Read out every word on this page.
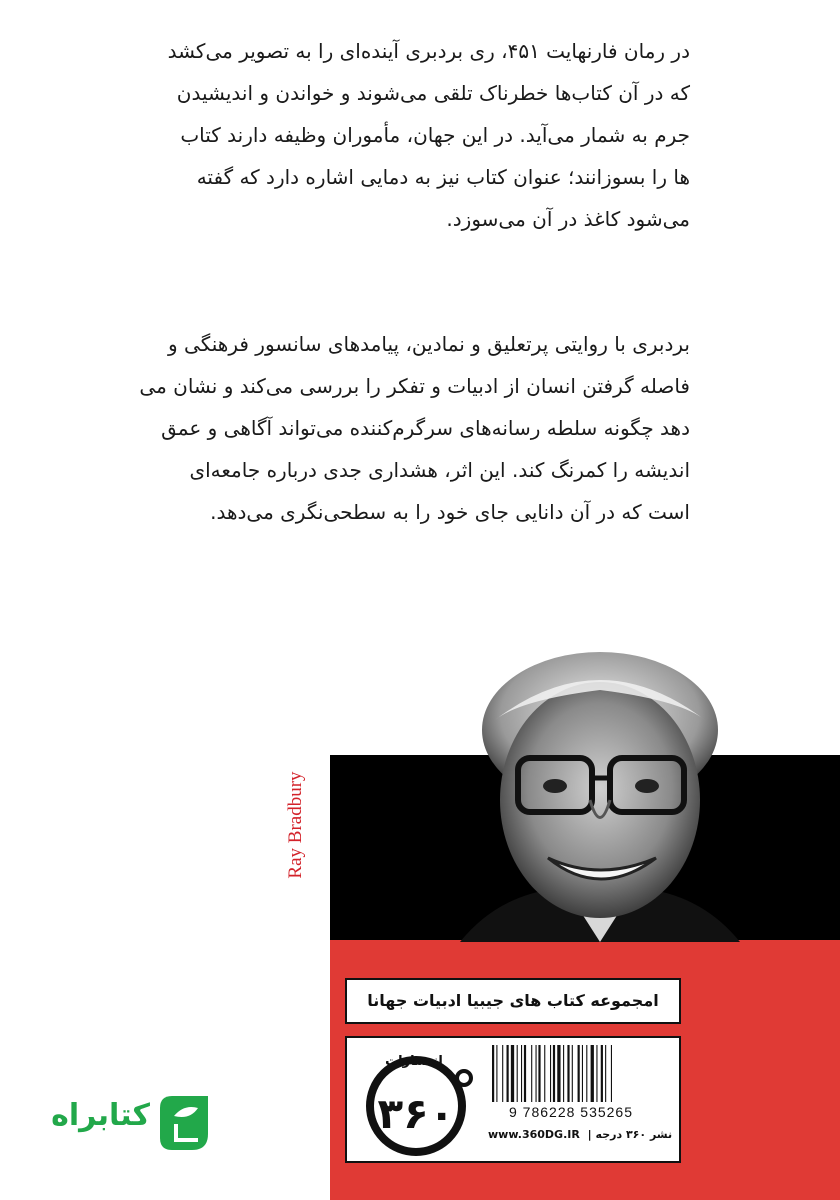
در رمان فارنهایت ۴۵۱، ری بردبری آینده‌ای را به تصویر می‌کشد
که در آن کتاب‌ها خطرناک تلقی می‌شوند و خواندن و اندیشیدن
جرم به شمار می‌آید. در این جهان، مأموران وظیفه دارند کتاب
ها را بسوزانند؛ عنوان کتاب نیز به دمایی اشاره دارد که گفته
می‌شود کاغذ در آن می‌سوزد.
بردبری با روایتی پرتعلیق و نمادین، پیامدهای سانسور فرهنگی و
فاصله گرفتن انسان از ادبیات و تفکر را بررسی می‌کند و نشان می
دهد چگونه سلطه رسانه‌های سرگرم‌کننده می‌تواند آگاهی و عمق
اندیشه را کمرنگ کند. این اثر، هشداری جدی درباره جامعه‌ای
است که در آن دانایی جای خود را به سطحی‌نگری می‌دهد.
Ray Bradbury
امجموعه کتاب های جیبیا ادبیات جهانا
9 786228 535265
www.360DG.IR | نشر ۳۶۰ درجه
۳۶۰
انتشارات
کتابراه
